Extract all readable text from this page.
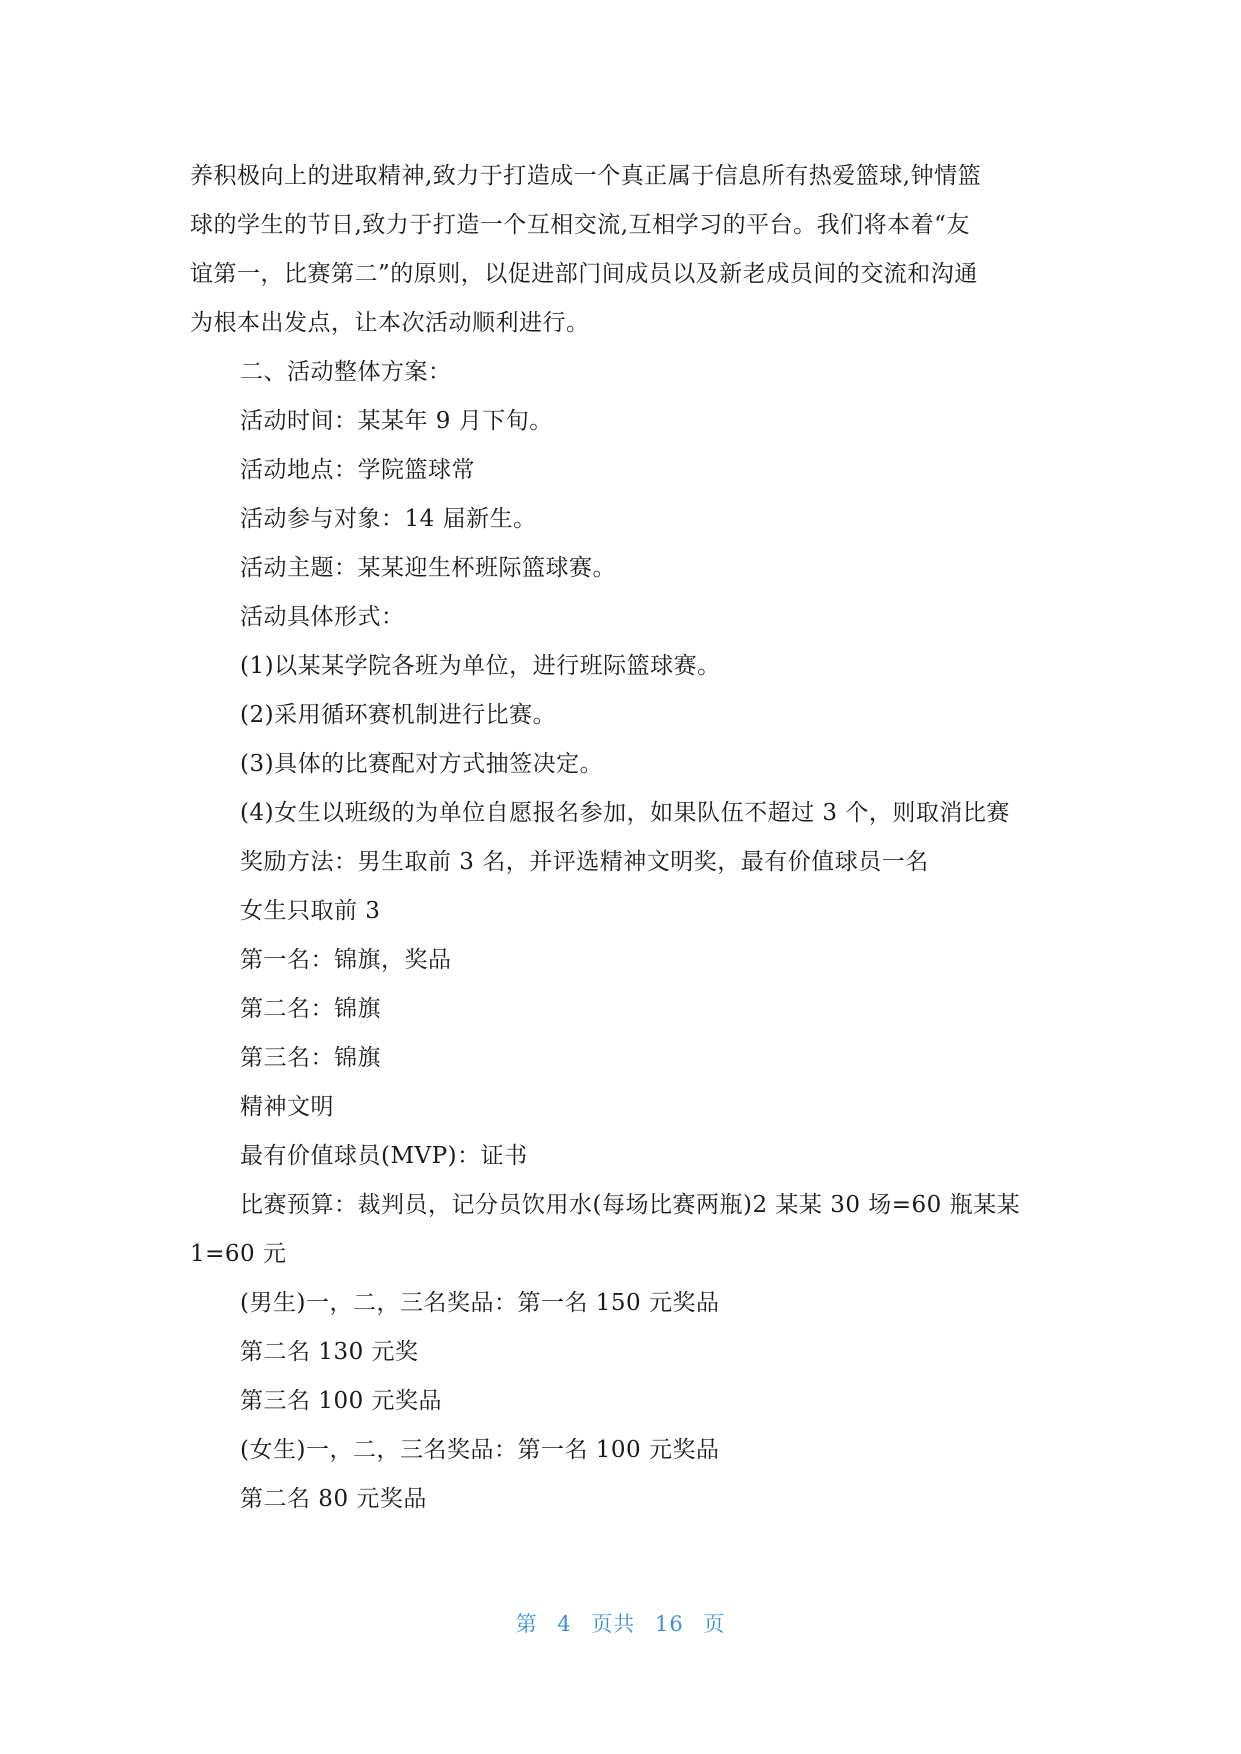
养积极向上的进取精神,致力于打造成一个真正属于信息所有热爱篮球,钟情篮
球的学生的节日,致力于打造一个互相交流,互相学习的平台。我们将本着“友
谊第一，比赛第二”的原则，以促进部门间成员以及新老成员间的交流和沟通
为根本出发点，让本次活动顺利进行。
二、活动整体方案：
活动时间：某某年 9 月下旬。
活动地点：学院篮球常
活动参与对象：14 届新生。
活动主题：某某迎生杯班际篮球赛。
活动具体形式：
(1)以某某学院各班为单位，进行班际篮球赛。
(2)采用循环赛机制进行比赛。
(3)具体的比赛配对方式抽签决定。
(4)女生以班级的为单位自愿报名参加，如果队伍不超过 3 个，则取消比赛
奖励方法：男生取前 3 名，并评选精神文明奖，最有价值球员一名
女生只取前 3
第一名：锦旗，奖品
第二名：锦旗
第三名：锦旗
精神文明
最有价值球员(MVP)：证书
比赛预算：裁判员，记分员饮用水(每场比赛两瓶)2 某某 30 场=60 瓶某某
1=60 元
(男生)一，二，三名奖品：第一名 150 元奖品
第二名 130 元奖
第三名 100 元奖品
(女生)一，二，三名奖品：第一名 100 元奖品
第二名 80 元奖品
第 4 页共 16 页
